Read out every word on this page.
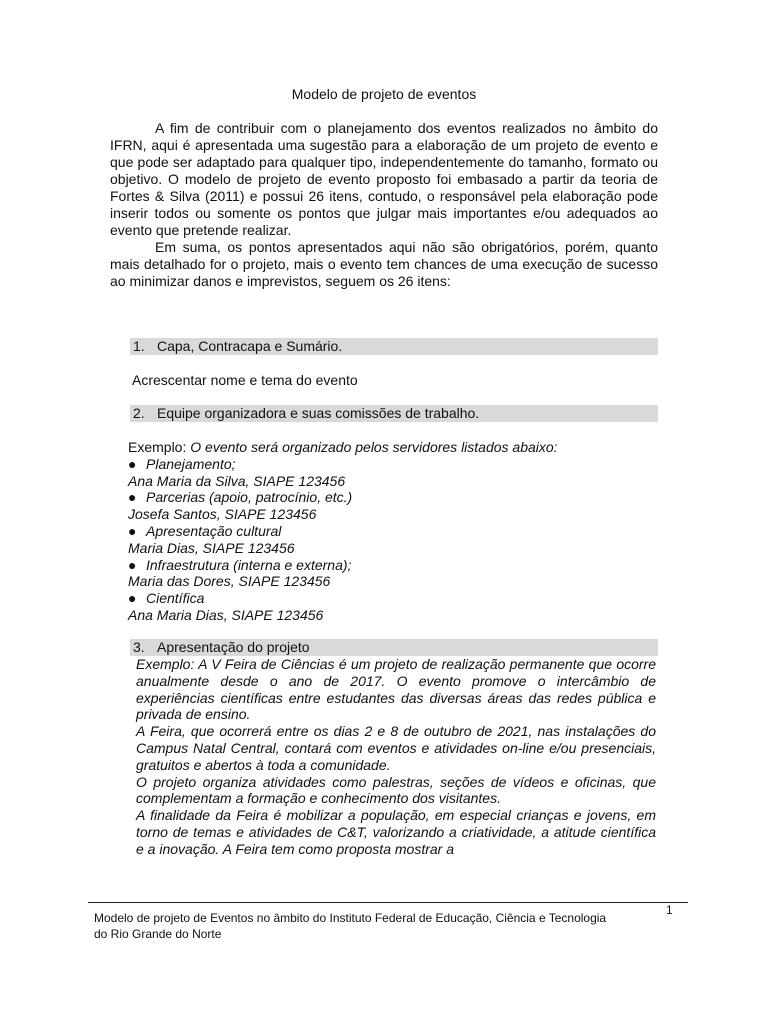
Modelo de projeto de eventos

A fim de contribuir com o planejamento dos eventos realizados no âmbito do IFRN, aqui é apresentada uma sugestão para a elaboração de um projeto de evento e que pode ser adaptado para qualquer tipo, independentemente do tamanho, formato ou objetivo. O modelo de projeto de evento proposto foi embasado a partir da teoria de Fortes & Silva (2011) e possui 26 itens, contudo, o responsável pela elaboração pode inserir todos ou somente os pontos que julgar mais importantes e/ou adequados ao evento que pretende realizar.

Em suma, os pontos apresentados aqui não são obrigatórios, porém, quanto mais detalhado for o projeto, mais o evento tem chances de uma execução de sucesso ao minimizar danos e imprevistos, seguem os 26 itens:

1. Capa, Contracapa e Sumário.
Acrescentar nome e tema do evento
2. Equipe organizadora e suas comissões de trabalho.
Exemplo: O evento será organizado pelos servidores listados abaixo:
● Planejamento;
Ana Maria da Silva, SIAPE 123456
● Parcerias (apoio, patrocínio, etc.)
Josefa Santos, SIAPE 123456
● Apresentação cultural
Maria Dias, SIAPE 123456
● Infraestrutura (interna e externa);
Maria das Dores, SIAPE 123456
● Científica
Ana Maria Dias, SIAPE 123456
3. Apresentação do projeto

Exemplo: A V Feira de Ciências é um projeto de realização permanente que ocorre anualmente desde o ano de 2017. O evento promove o intercâmbio de experiências científicas entre estudantes das diversas áreas das redes pública e privada de ensino.

A Feira, que ocorrerá entre os dias 2 e 8 de outubro de 2021, nas instalações do Campus Natal Central, contará com eventos e atividades on-line e/ou presenciais, gratuitos e abertos à toda a comunidade.

O projeto organiza atividades como palestras, seções de vídeos e oficinas, que complementam a formação e conhecimento dos visitantes.

A finalidade da Feira é mobilizar a população, em especial crianças e jovens, em torno de temas e atividades de C&T, valorizando a criatividade, a atitude científica e a inovação. A Feira tem como proposta mostrar a

Modelo de projeto de Eventos no âmbito do Instituto Federal de Educação, Ciência e Tecnologia do Rio Grande do Norte

1
